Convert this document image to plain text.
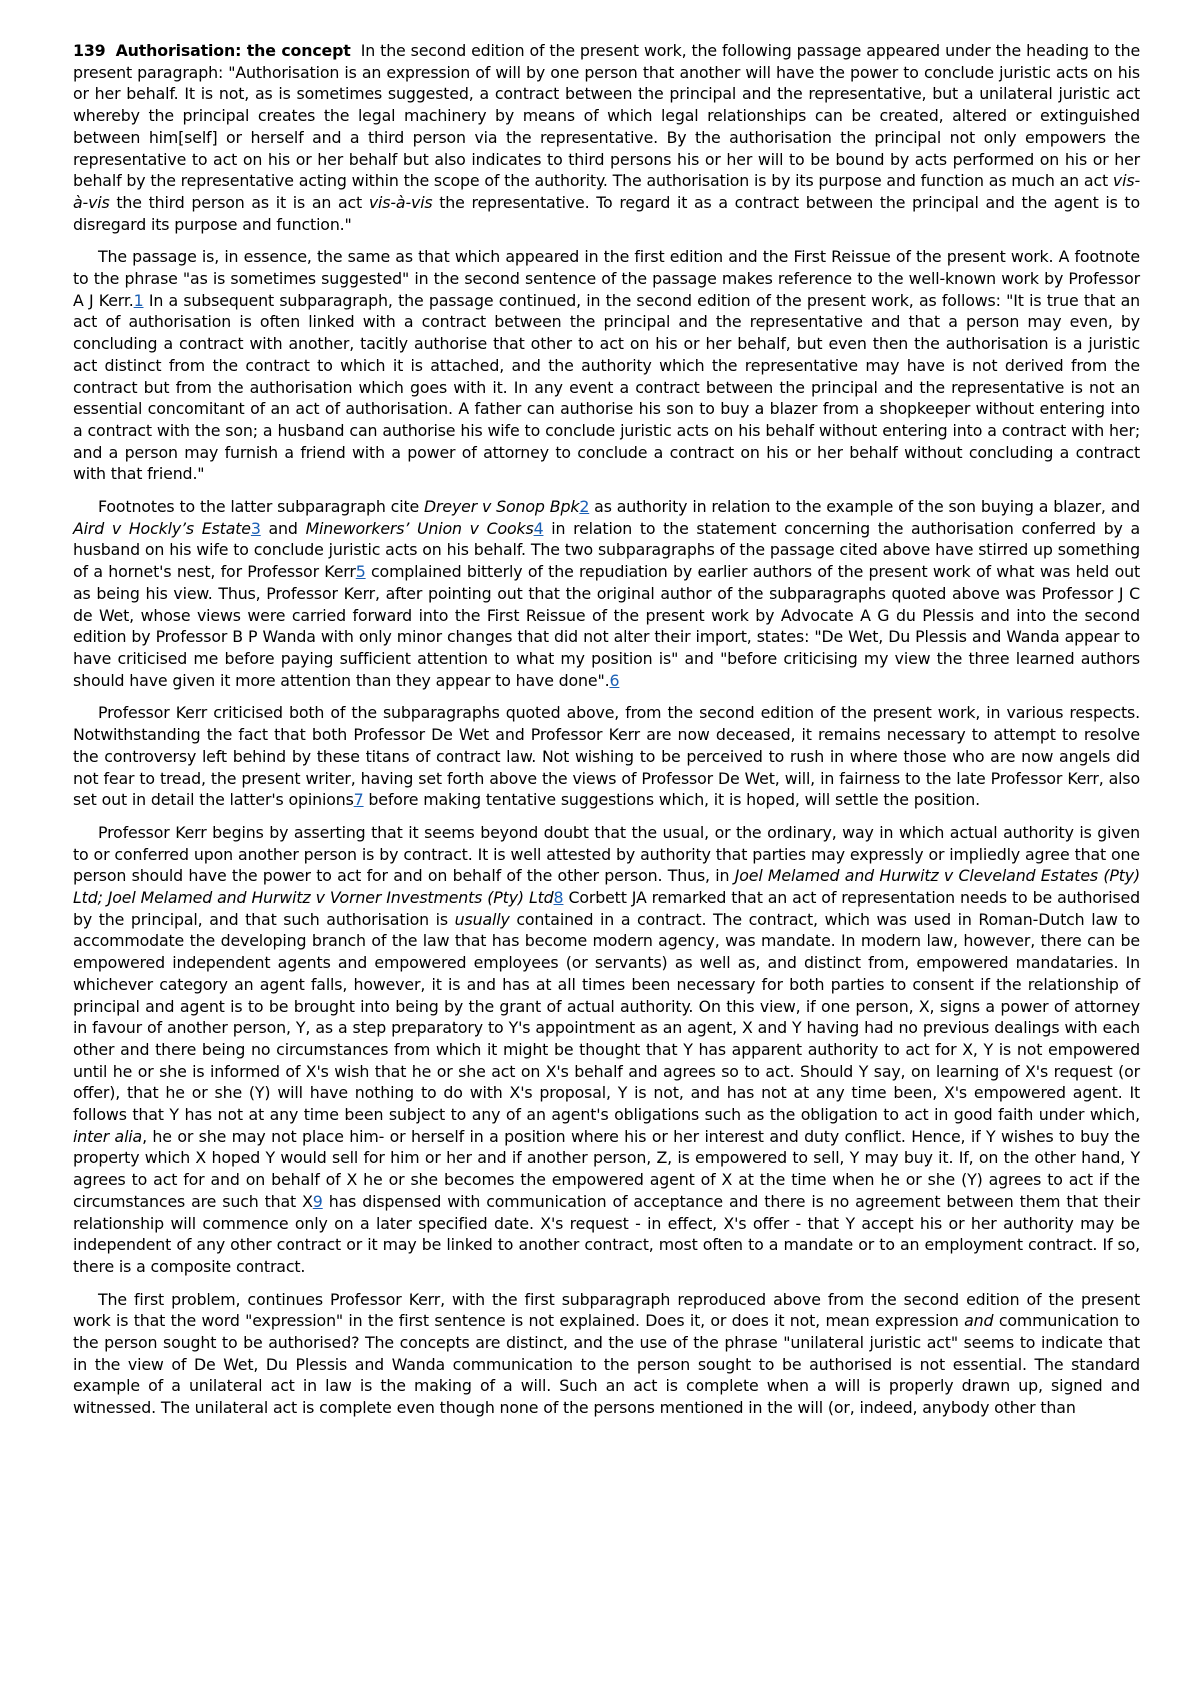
139 Authorisation: the concept In the second edition of the present work, the following passage appeared under the heading to the present paragraph: "Authorisation is an expression of will by one person that another will have the power to conclude juristic acts on his or her behalf. It is not, as is sometimes suggested, a contract between the principal and the representative, but a unilateral juristic act whereby the principal creates the legal machinery by means of which legal relationships can be created, altered or extinguished between him[self] or herself and a third person via the representative. By the authorisation the principal not only empowers the representative to act on his or her behalf but also indicates to third persons his or her will to be bound by acts performed on his or her behalf by the representative acting within the scope of the authority. The authorisation is by its purpose and function as much an act vis-à-vis the third person as it is an act vis-à-vis the representative. To regard it as a contract between the principal and the agent is to disregard its purpose and function."

The passage is, in essence, the same as that which appeared in the first edition and the First Reissue of the present work. A footnote to the phrase "as is sometimes suggested" in the second sentence of the passage makes reference to the well-known work by Professor A J Kerr.1 In a subsequent subparagraph, the passage continued, in the second edition of the present work, as follows: "It is true that an act of authorisation is often linked with a contract between the principal and the representative and that a person may even, by concluding a contract with another, tacitly authorise that other to act on his or her behalf, but even then the authorisation is a juristic act distinct from the contract to which it is attached, and the authority which the representative may have is not derived from the contract but from the authorisation which goes with it. In any event a contract between the principal and the representative is not an essential concomitant of an act of authorisation. A father can authorise his son to buy a blazer from a shopkeeper without entering into a contract with the son; a husband can authorise his wife to conclude juristic acts on his behalf without entering into a contract with her; and a person may furnish a friend with a power of attorney to conclude a contract on his or her behalf without concluding a contract with that friend."

Footnotes to the latter subparagraph cite Dreyer v Sonop Bpk2 as authority in relation to the example of the son buying a blazer, and Aird v Hockly’s Estate3 and Mineworkers’ Union v Cooks4 in relation to the statement concerning the authorisation conferred by a husband on his wife to conclude juristic acts on his behalf. The two subparagraphs of the passage cited above have stirred up something of a hornet's nest, for Professor Kerr5 complained bitterly of the repudiation by earlier authors of the present work of what was held out as being his view. Thus, Professor Kerr, after pointing out that the original author of the subparagraphs quoted above was Professor J C de Wet, whose views were carried forward into the First Reissue of the present work by Advocate A G du Plessis and into the second edition by Professor B P Wanda with only minor changes that did not alter their import, states: "De Wet, Du Plessis and Wanda appear to have criticised me before paying sufficient attention to what my position is" and "before criticising my view the three learned authors should have given it more attention than they appear to have done".6

Professor Kerr criticised both of the subparagraphs quoted above, from the second edition of the present work, in various respects. Notwithstanding the fact that both Professor De Wet and Professor Kerr are now deceased, it remains necessary to attempt to resolve the controversy left behind by these titans of contract law. Not wishing to be perceived to rush in where those who are now angels did not fear to tread, the present writer, having set forth above the views of Professor De Wet, will, in fairness to the late Professor Kerr, also set out in detail the latter's opinions7 before making tentative suggestions which, it is hoped, will settle the position.

Professor Kerr begins by asserting that it seems beyond doubt that the usual, or the ordinary, way in which actual authority is given to or conferred upon another person is by contract. It is well attested by authority that parties may expressly or impliedly agree that one person should have the power to act for and on behalf of the other person. Thus, in Joel Melamed and Hurwitz v Cleveland Estates (Pty) Ltd; Joel Melamed and Hurwitz v Vorner Investments (Pty) Ltd8 Corbett JA remarked that an act of representation needs to be authorised by the principal, and that such authorisation is usually contained in a contract. The contract, which was used in Roman-Dutch law to accommodate the developing branch of the law that has become modern agency, was mandate. In modern law, however, there can be empowered independent agents and empowered employees (or servants) as well as, and distinct from, empowered mandataries. In whichever category an agent falls, however, it is and has at all times been necessary for both parties to consent if the relationship of principal and agent is to be brought into being by the grant of actual authority. On this view, if one person, X, signs a power of attorney in favour of another person, Y, as a step preparatory to Y's appointment as an agent, X and Y having had no previous dealings with each other and there being no circumstances from which it might be thought that Y has apparent authority to act for X, Y is not empowered until he or she is informed of X's wish that he or she act on X's behalf and agrees so to act. Should Y say, on learning of X's request (or offer), that he or she (Y) will have nothing to do with X's proposal, Y is not, and has not at any time been, X's empowered agent. It follows that Y has not at any time been subject to any of an agent's obligations such as the obligation to act in good faith under which, inter alia, he or she may not place him- or herself in a position where his or her interest and duty conflict. Hence, if Y wishes to buy the property which X hoped Y would sell for him or her and if another person, Z, is empowered to sell, Y may buy it. If, on the other hand, Y agrees to act for and on behalf of X he or she becomes the empowered agent of X at the time when he or she (Y) agrees to act if the circumstances are such that X9 has dispensed with communication of acceptance and there is no agreement between them that their relationship will commence only on a later specified date. X's request - in effect, X's offer - that Y accept his or her authority may be independent of any other contract or it may be linked to another contract, most often to a mandate or to an employment contract. If so, there is a composite contract.

The first problem, continues Professor Kerr, with the first subparagraph reproduced above from the second edition of the present work is that the word "expression" in the first sentence is not explained. Does it, or does it not, mean expression and communication to the person sought to be authorised? The concepts are distinct, and the use of the phrase "unilateral juristic act" seems to indicate that in the view of De Wet, Du Plessis and Wanda communication to the person sought to be authorised is not essential. The standard example of a unilateral act in law is the making of a will. Such an act is complete when a will is properly drawn up, signed and witnessed. The unilateral act is complete even though none of the persons mentioned in the will (or, indeed, anybody other than
